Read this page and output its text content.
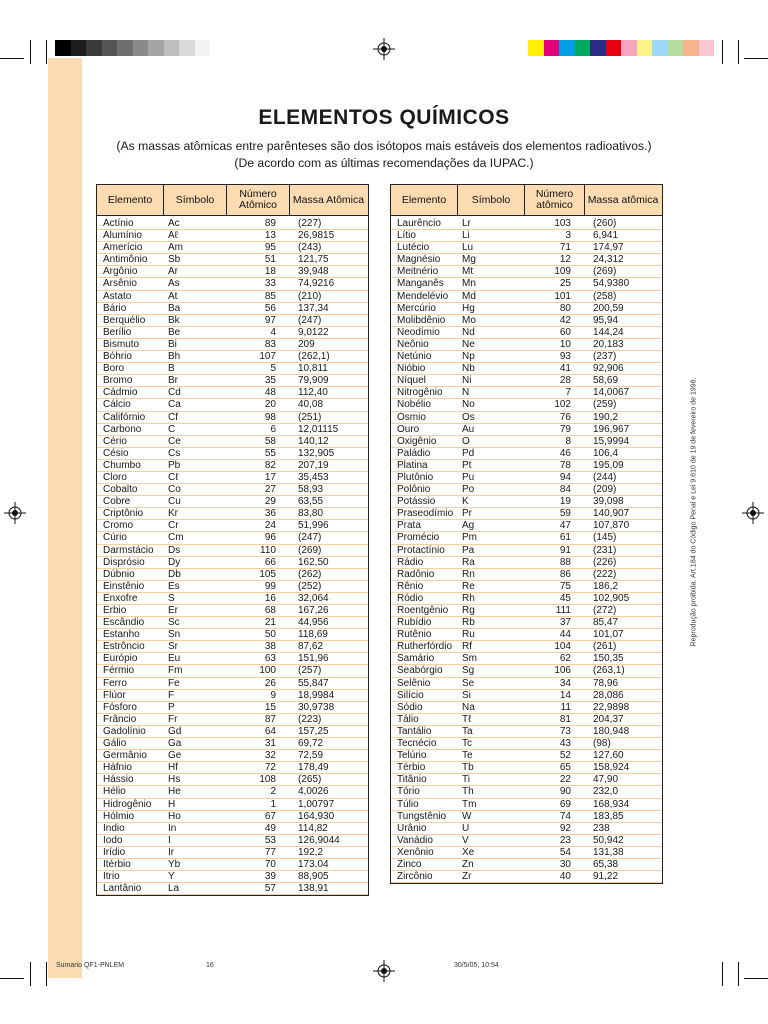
ELEMENTOS QUÍMICOS
(As massas atômicas entre parênteses são dos isótopos mais estáveis dos elementos radioativos.)
(De acordo com as últimas recomendações da IUPAC.)
Elemento	Símbolo	Número Atômico	Massa Atômica
Actínio	Ac	89	(227)
Alumínio	Aℓ	13	26,9815
Amerício	Am	95	(243)
Antimônio	Sb	51	121,75
Argônio	Ar	18	39,948
Arsênio	As	33	74,9216
Astato	At	85	(210)
Bário	Ba	56	137,34
Berquélio	Bk	97	(247)
Berílio	Be	4	9,0122
Bismuto	Bi	83	209
Bóhrio	Bh	107	(262,1)
Boro	B	5	10,811
Bromo	Br	35	79,909
Cádmio	Cd	48	112,40
Cálcio	Ca	20	40,08
Califórnio	Cf	98	(251)
Carbono	C	6	12,01115
Cério	Ce	58	140,12
Césio	Cs	55	132,905
Chumbo	Pb	82	207,19
Cloro	Cℓ	17	35,453
Cobalto	Co	27	58,93
Cobre	Cu	29	63,55
Criptônio	Kr	36	83,80
Cromo	Cr	24	51,996
Cúrio	Cm	96	(247)
Darmstácio	Ds	110	(269)
Disprósio	Dy	66	162,50
Dúbnio	Db	105	(262)
Einstênio	Es	99	(252)
Enxofre	S	16	32,064
Érbio	Er	68	167,26
Escândio	Sc	21	44,956
Estanho	Sn	50	118,69
Estrôncio	Sr	38	87,62
Európio	Eu	63	151,96
Férmio	Fm	100	(257)
Ferro	Fe	26	55,847
Flúor	F	9	18,9984
Fósforo	P	15	30,9738
Frâncio	Fr	87	(223)
Gadolínio	Gd	64	157,25
Gálio	Ga	31	69,72
Germânio	Ge	32	72,59
Háfnio	Hf	72	178,49
Hássio	Hs	108	(265)
Hélio	He	2	4,0026
Hidrogênio	H	1	1,00797
Hólmio	Ho	67	164,930
Índio	In	49	114,82
Iodo	I	53	126,9044
Irídio	Ir	77	192,2
Itérbio	Yb	70	173,04
Ítrio	Y	39	88,905
Lantânio	La	57	138,91
Elemento	Símbolo	Número atômico	Massa atômica
Laurêncio	Lr	103	(260)
Lítio	Li	3	6,941
Lutécio	Lu	71	174,97
Magnésio	Mg	12	24,312
Meitnério	Mt	109	(269)
Manganês	Mn	25	54,9380
Mendelévio	Md	101	(258)
Mercúrio	Hg	80	200,59
Molibdênio	Mo	42	95,94
Neodímio	Nd	60	144,24
Neônio	Ne	10	20,183
Netúnio	Np	93	(237)
Nióbio	Nb	41	92,906
Níquel	Ni	28	58,69
Nitrogênio	N	7	14,0067
Nobélio	No	102	(259)
Ósmio	Os	76	190,2
Ouro	Au	79	196,967
Oxigênio	O	8	15,9994
Paládio	Pd	46	106,4
Platina	Pt	78	195,09
Plutônio	Pu	94	(244)
Polônio	Po	84	(209)
Potássio	K	19	39,098
Praseodímio Pr	59	140,907
Prata	Ag	47	107,870
Promécio	Pm	61	(145)
Protactínio	Pa	91	(231)
Rádio	Ra	88	(226)
Radônio	Rn	86	(222)
Rênio	Re	75	186,2
Ródio	Rh	45	102,905
Roentgênio	Rg	111	(272)
Rubídio	Rb	37	85,47
Rutênio	Ru	44	101,07
Rutherfórdio Rf	104	(261)
Samário	Sm	62	150,35
Seabórgio	Sg	106	(263,1)
Selênio	Se	34	78,96
Silício	Si	14	28,086
Sódio	Na	11	22,9898
Tálio	Tℓ	81	204,37
Tantálio	Ta	73	180,948
Tecnécio	Tc	43	(98)
Telúrio	Te	52	127,60
Térbio	Tb	65	158,924
Titânio	Ti	22	47,90
Tório	Th	90	232,0
Túlio	Tm	69	168,934
Tungstênio	W	74	183,85
Urânio	U	92	238
Vanádio	V	23	50,942
Xenônio	Xe	54	131,38
Zinco	Zn	30	65,38
Zircônio	Zr	40	91,22
Reprodução proibida. Art.184 do Código Penal e Lei 9.610 de 19 de fevereiro de 1998.
Sumario QF1-PNLEM	16	30/5/05, 10:54
